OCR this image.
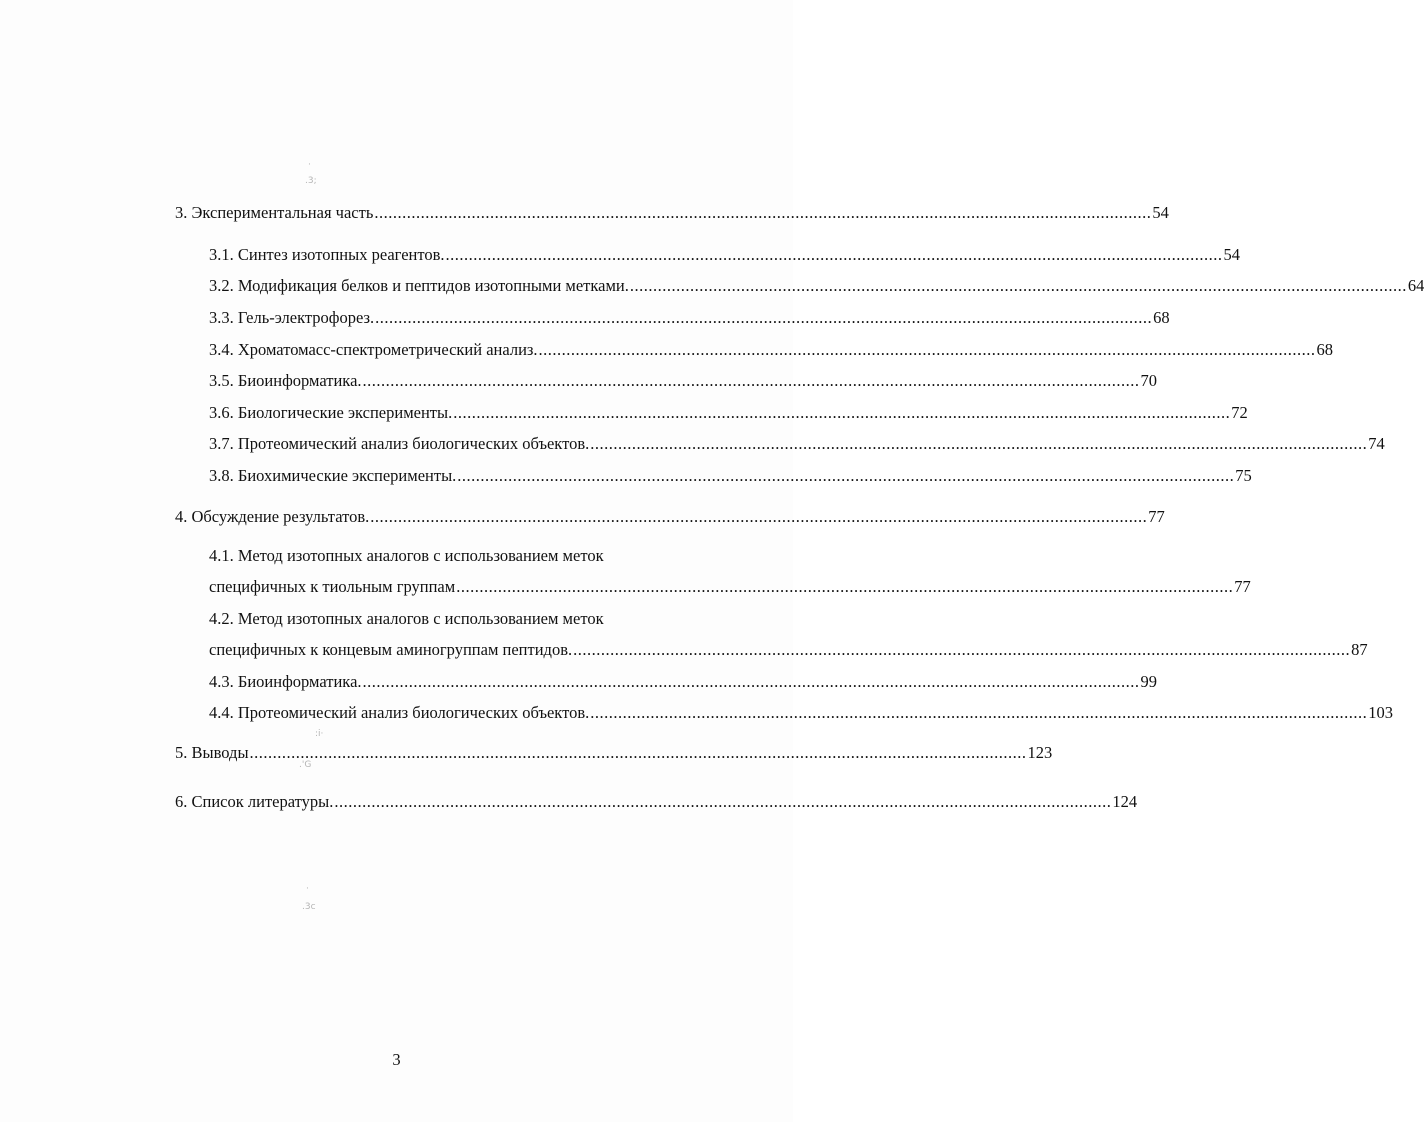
·
.3;
:i·
.'G
·
.3c
3. Экспериментальная часть ........................................................................................................................................................................ 54
3.1. Синтез изотопных реагентов. ........................................................................................................................................................................ 54
3.2. Модификация белков и пептидов изотопными метками. ........................................................................................................................................................................ 64
3.3. Гель-электрофорез. ........................................................................................................................................................................ 68
3.4. Хроматомасс-спектрометрический анализ. ........................................................................................................................................................................ 68
3.5. Биоинформатика. ........................................................................................................................................................................ 70
3.6. Биологические эксперименты. ........................................................................................................................................................................ 72
3.7. Протеомический анализ биологических объектов. ........................................................................................................................................................................ 74
3.8. Биохимические эксперименты. ........................................................................................................................................................................ 75
4. Обсуждение результатов. ........................................................................................................................................................................ 77
4.1. Метод изотопных аналогов с использованием меток
специфичных к тиольным группам ........................................................................................................................................................................ 77
4.2. Метод изотопных аналогов с использованием меток
специфичных к концевым аминогруппам пептидов. ........................................................................................................................................................................ 87
4.3. Биоинформатика. ........................................................................................................................................................................ 99
4.4. Протеомический анализ биологических объектов. ........................................................................................................................................................................ 103
5. Выводы ........................................................................................................................................................................ 123
6. Список литературы. ........................................................................................................................................................................ 124
3
